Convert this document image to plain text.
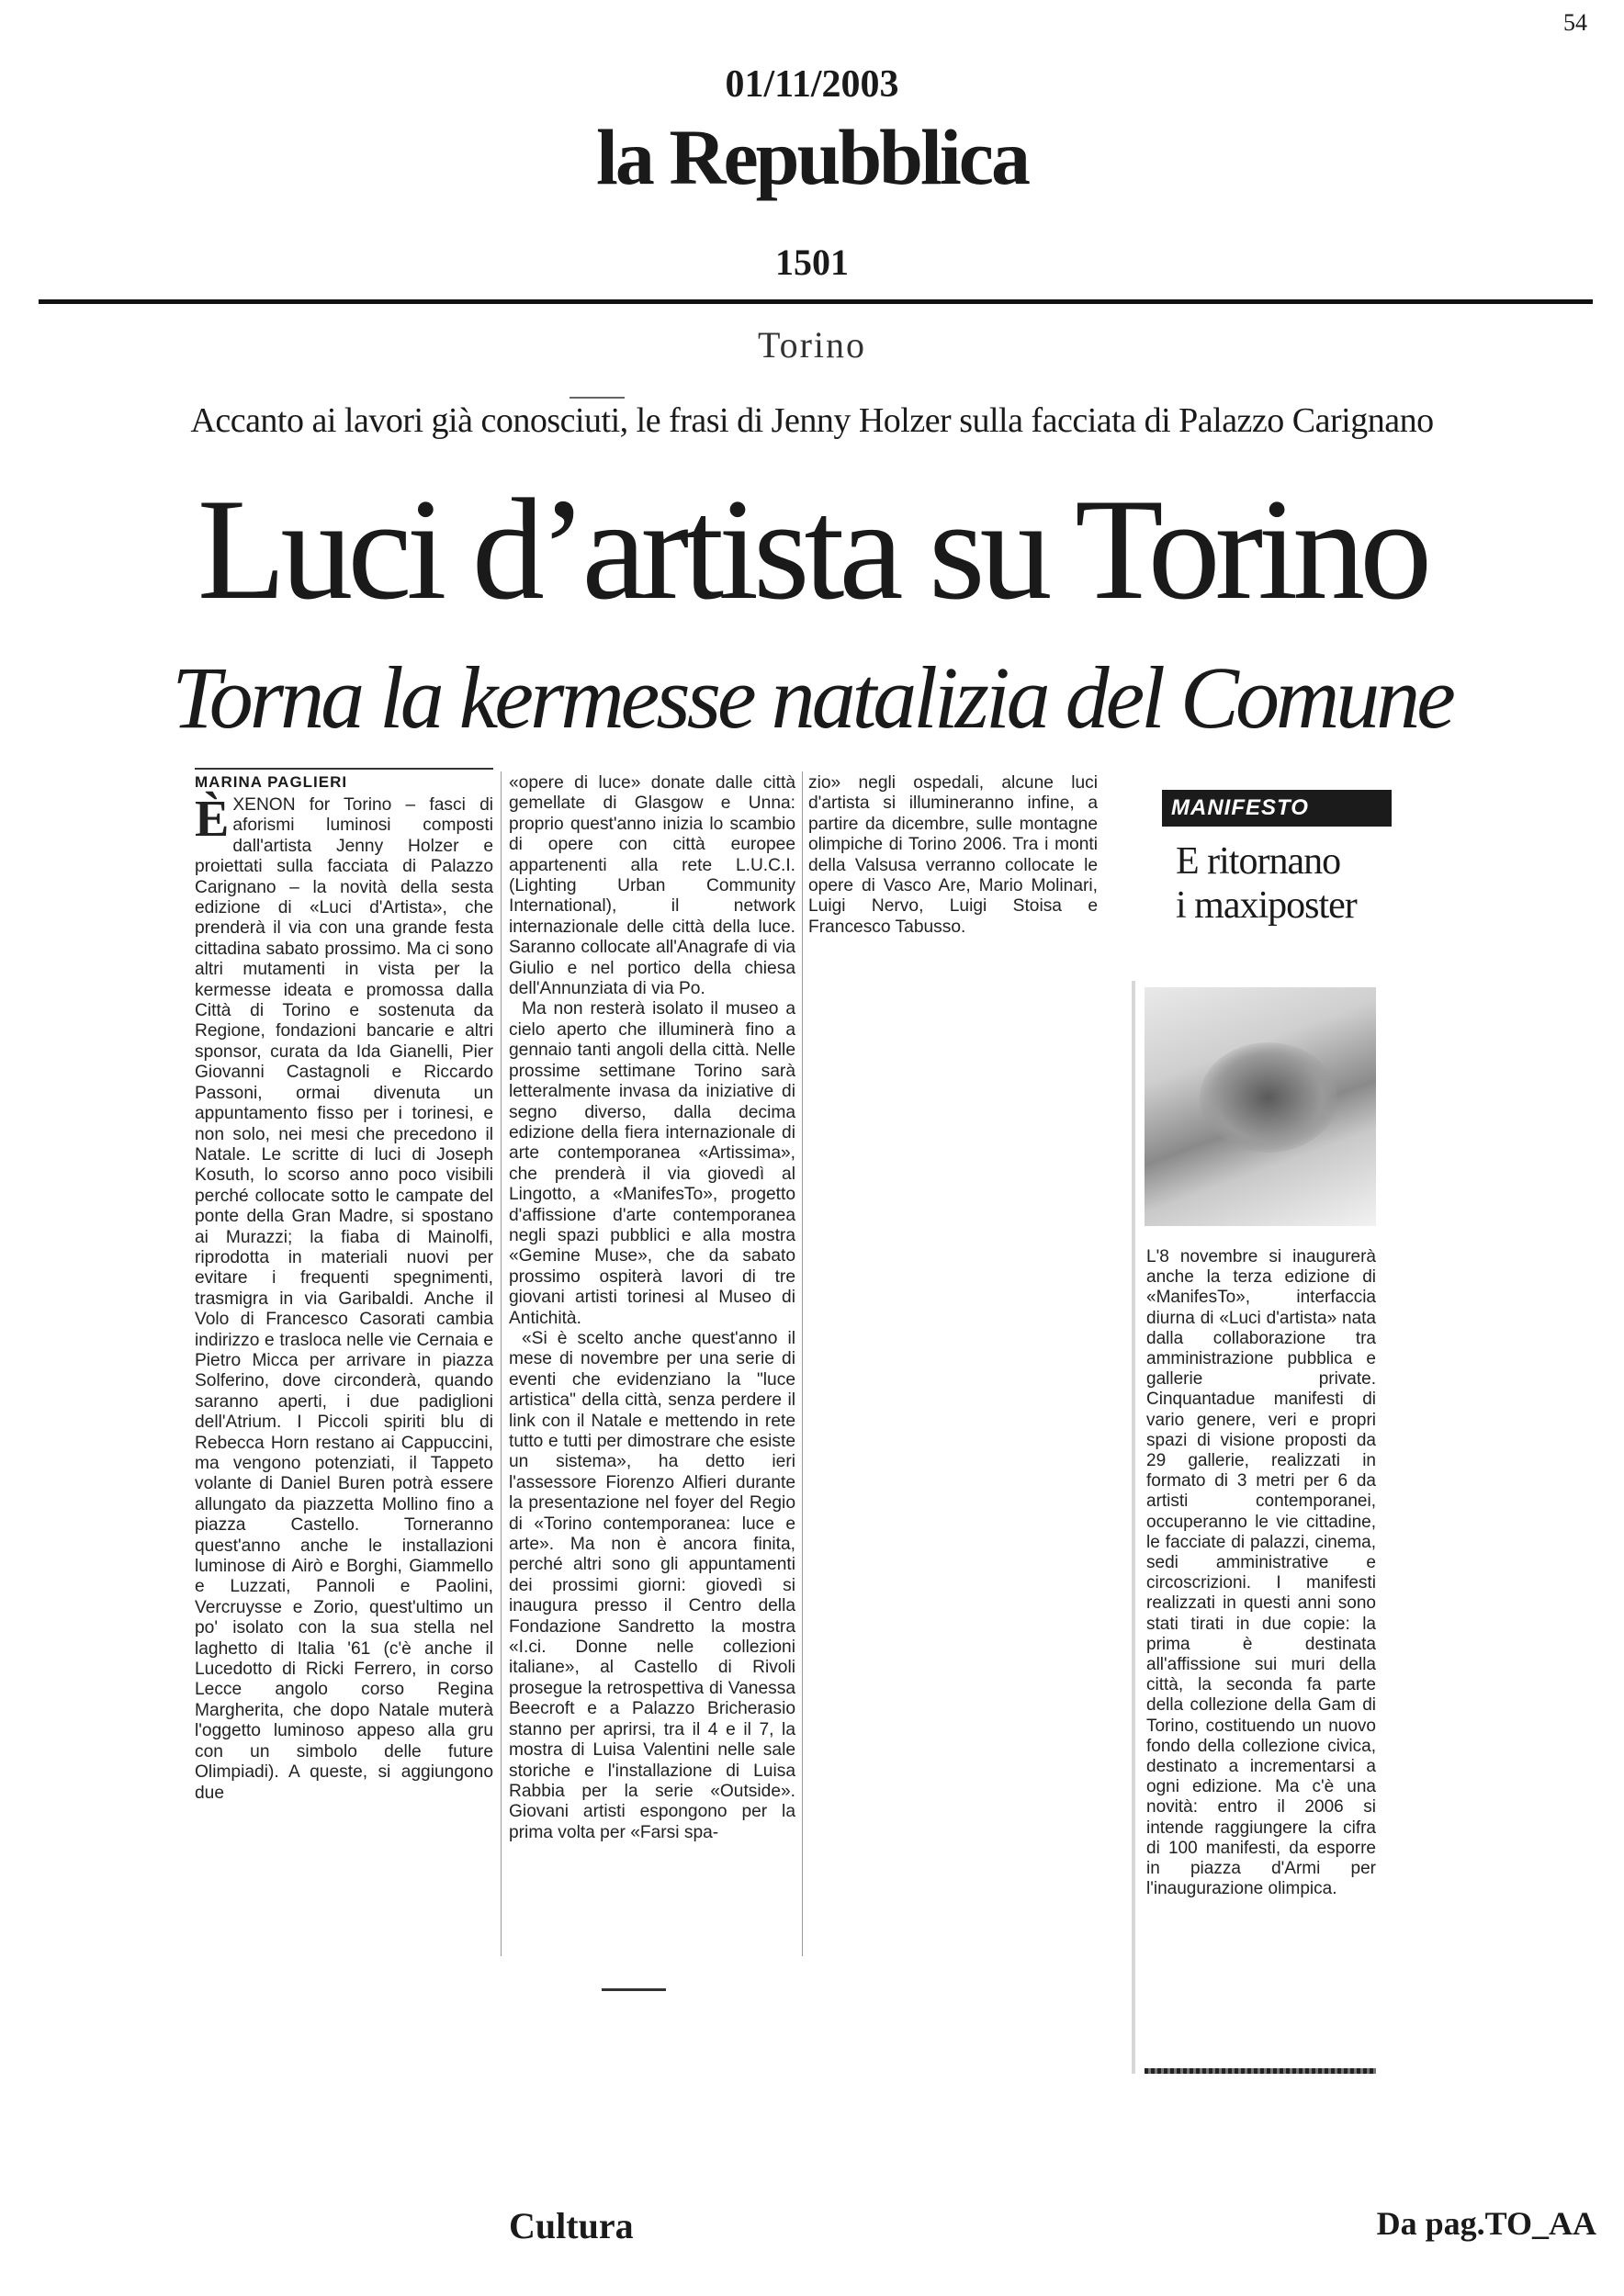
54
01/11/2003
la Repubblica
1501
Torino
Accanto ai lavori già conosciuti, le frasi di Jenny Holzer sulla facciata di Palazzo Carignano
Luci d’artista su Torino
Torna la kermesse natalizia del Comune
MARINA PAGLIERI

ÈXENON for Torino – fasci di aforismi luminosi composti dall'artista Jenny Holzer e proiettati sulla facciata di Palazzo Carignano – la novità della sesta edizione di «Luci d'Artista», che prenderà il via con una grande festa cittadina sabato prossimo. Ma ci sono altri mutamenti in vista per la kermesse ideata e promossa dalla Città di Torino e sostenuta da Regione, fondazioni bancarie e altri sponsor, curata da Ida Gianelli, Pier Giovanni Castagnoli e Riccardo Passoni, ormai divenuta un appuntamento fisso per i torinesi, e non solo, nei mesi che precedono il Natale. Le scritte di luci di Joseph Kosuth, lo scorso anno poco visibili perché collocate sotto le campate del ponte della Gran Madre, si spostano ai Murazzi; la fiaba di Mainolfi, riprodotta in materiali nuovi per evitare i frequenti spegnimenti, trasmigra in via Garibaldi. Anche il Volo di Francesco Casorati cambia indirizzo e trasloca nelle vie Cernaia e Pietro Micca per arrivare in piazza Solferino, dove circonderà, quando saranno aperti, i due padiglioni dell'Atrium. I Piccoli spiriti blu di Rebecca Horn restano ai Cappuccini, ma vengono potenziati, il Tappeto volante di Daniel Buren potrà essere allungato da piazzetta Mollino fino a piazza Castello. Torneranno quest'anno anche le installazioni luminose di Airò e Borghi, Giammello e Luzzati, Pannoli e Paolini, Vercruysse e Zorio, quest'ultimo un po' isolato con la sua stella nel laghetto di Italia '61 (c'è anche il Lucedotto di Ricki Ferrero, in corso Lecce angolo corso Regina Margherita, che dopo Natale muterà l'oggetto luminoso appeso alla gru con un simbolo delle future Olimpiadi). A queste, si aggiungono due

«opere di luce» donate dalle città gemellate di Glasgow e Unna: proprio quest'anno inizia lo scambio di opere con città europee appartenenti alla rete L.U.C.I. (Lighting Urban Community International), il network internazionale delle città della luce. Saranno collocate all'Anagrafe di via Giulio e nel portico della chiesa dell'Annunziata di via Po.

Ma non resterà isolato il museo a cielo aperto che illuminerà fino a gennaio tanti angoli della città. Nelle prossime settimane Torino sarà letteralmente invasa da iniziative di segno diverso, dalla decima edizione della fiera internazionale di arte contemporanea «Artissima», che prenderà il via giovedì al Lingotto, a «ManifesTo», progetto d'affissione d'arte contemporanea negli spazi pubblici e alla mostra «Gemine Muse», che da sabato prossimo ospiterà lavori di tre giovani artisti torinesi al Museo di Antichità.

«Si è scelto anche quest'anno il mese di novembre per una serie di eventi che evidenziano la "luce artistica" della città, senza perdere il link con il Natale e mettendo in rete tutto e tutti per dimostrare che esiste un sistema», ha detto ieri l'assessore Fiorenzo Alfieri durante la presentazione nel foyer del Regio di «Torino contemporanea: luce e arte». Ma non è ancora finita, perché altri sono gli appuntamenti dei prossimi giorni: giovedì si inaugura presso il Centro della Fondazione Sandretto la mostra «I.ci. Donne nelle collezioni italiane», al Castello di Rivoli prosegue la retrospettiva di Vanessa Beecroft e a Palazzo Bricherasio stanno per aprirsi, tra il 4 e il 7, la mostra di Luisa Valentini nelle sale storiche e l'installazione di Luisa Rabbia per la serie «Outside». Giovani artisti espongono per la prima volta per «Farsi spa-

zio» negli ospedali, alcune luci d'artista si illumineranno infine, a partire da dicembre, sulle montagne olimpiche di Torino 2006. Tra i monti della Valsusa verranno collocate le opere di Vasco Are, Mario Molinari, Luigi Nervo, Luigi Stoisa e Francesco Tabusso.

MANIFESTO
E ritornano
i maxiposter

L'8 novembre si inaugurerà anche la terza edizione di «ManifesTo», interfaccia diurna di «Luci d'artista» nata dalla collaborazione tra amministrazione pubblica e gallerie private. Cinquantadue manifesti di vario genere, veri e propri spazi di visione proposti da 29 gallerie, realizzati in formato di 3 metri per 6 da artisti contemporanei, occuperanno le vie cittadine, le facciate di palazzi, cinema, sedi amministrative e circoscrizioni. I manifesti realizzati in questi anni sono stati tirati in due copie: la prima è destinata all'affissione sui muri della città, la seconda fa parte della collezione della Gam di Torino, costituendo un nuovo fondo della collezione civica, destinato a incrementarsi a ogni edizione. Ma c'è una novità: entro il 2006 si intende raggiungere la cifra di 100 manifesti, da esporre in piazza d'Armi per l'inaugurazione olimpica.

Cultura	Da pag.TO_AA
